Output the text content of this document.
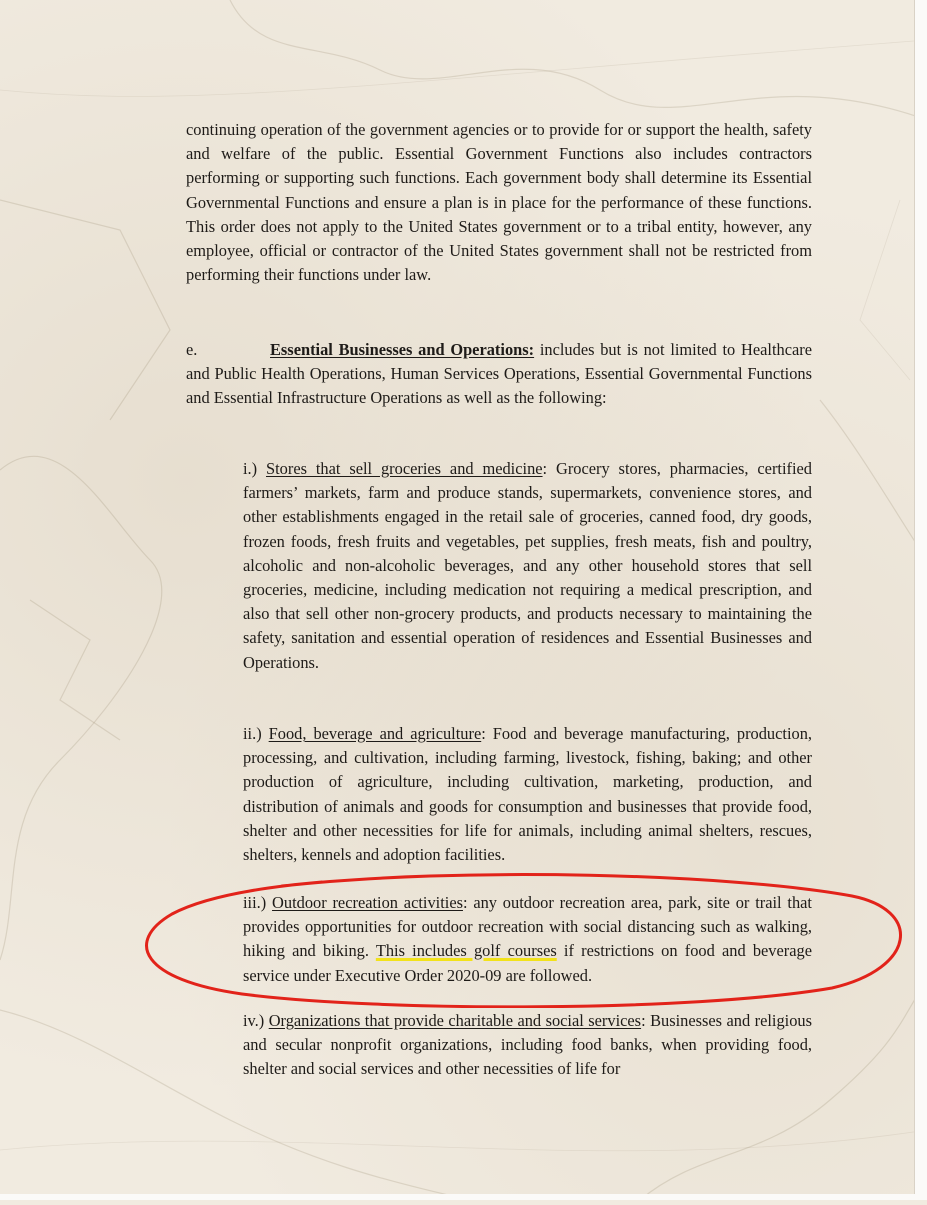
continuing operation of the government agencies or to provide for or support the health, safety and welfare of the public. Essential Government Functions also includes contractors performing or supporting such functions. Each government body shall determine its Essential Governmental Functions and ensure a plan is in place for the performance of these functions. This order does not apply to the United States government or to a tribal entity, however, any employee, official or contractor of the United States government shall not be restricted from performing their functions under law.

e.	Essential Businesses and Operations: includes but is not limited to Healthcare and Public Health Operations, Human Services Operations, Essential Governmental Functions and Essential Infrastructure Operations as well as the following:

i.) Stores that sell groceries and medicine: Grocery stores, pharmacies, certified farmers’ markets, farm and produce stands, supermarkets, convenience stores, and other establishments engaged in the retail sale of groceries, canned food, dry goods, frozen foods, fresh fruits and vegetables, pet supplies, fresh meats, fish and poultry, alcoholic and non-alcoholic beverages, and any other household stores that sell groceries, medicine, including medication not requiring a medical prescription, and also that sell other non-grocery products, and products necessary to maintaining the safety, sanitation and essential operation of residences and Essential Businesses and Operations.
ii.) Food, beverage and agriculture: Food and beverage manufacturing, production, processing, and cultivation, including farming, livestock, fishing, baking; and other production of agriculture, including cultivation, marketing, production, and distribution of animals and goods for consumption and businesses that provide food, shelter and other necessities for life for animals, including animal shelters, rescues, shelters, kennels and adoption facilities.
iii.) Outdoor recreation activities: any outdoor recreation area, park, site or trail that provides opportunities for outdoor recreation with social distancing such as walking, hiking and biking. This includes golf courses if restrictions on food and beverage service under Executive Order 2020-09 are followed.
iv.) Organizations that provide charitable and social services: Businesses and religious and secular nonprofit organizations, including food banks, when providing food, shelter and social services and other necessities of life for
